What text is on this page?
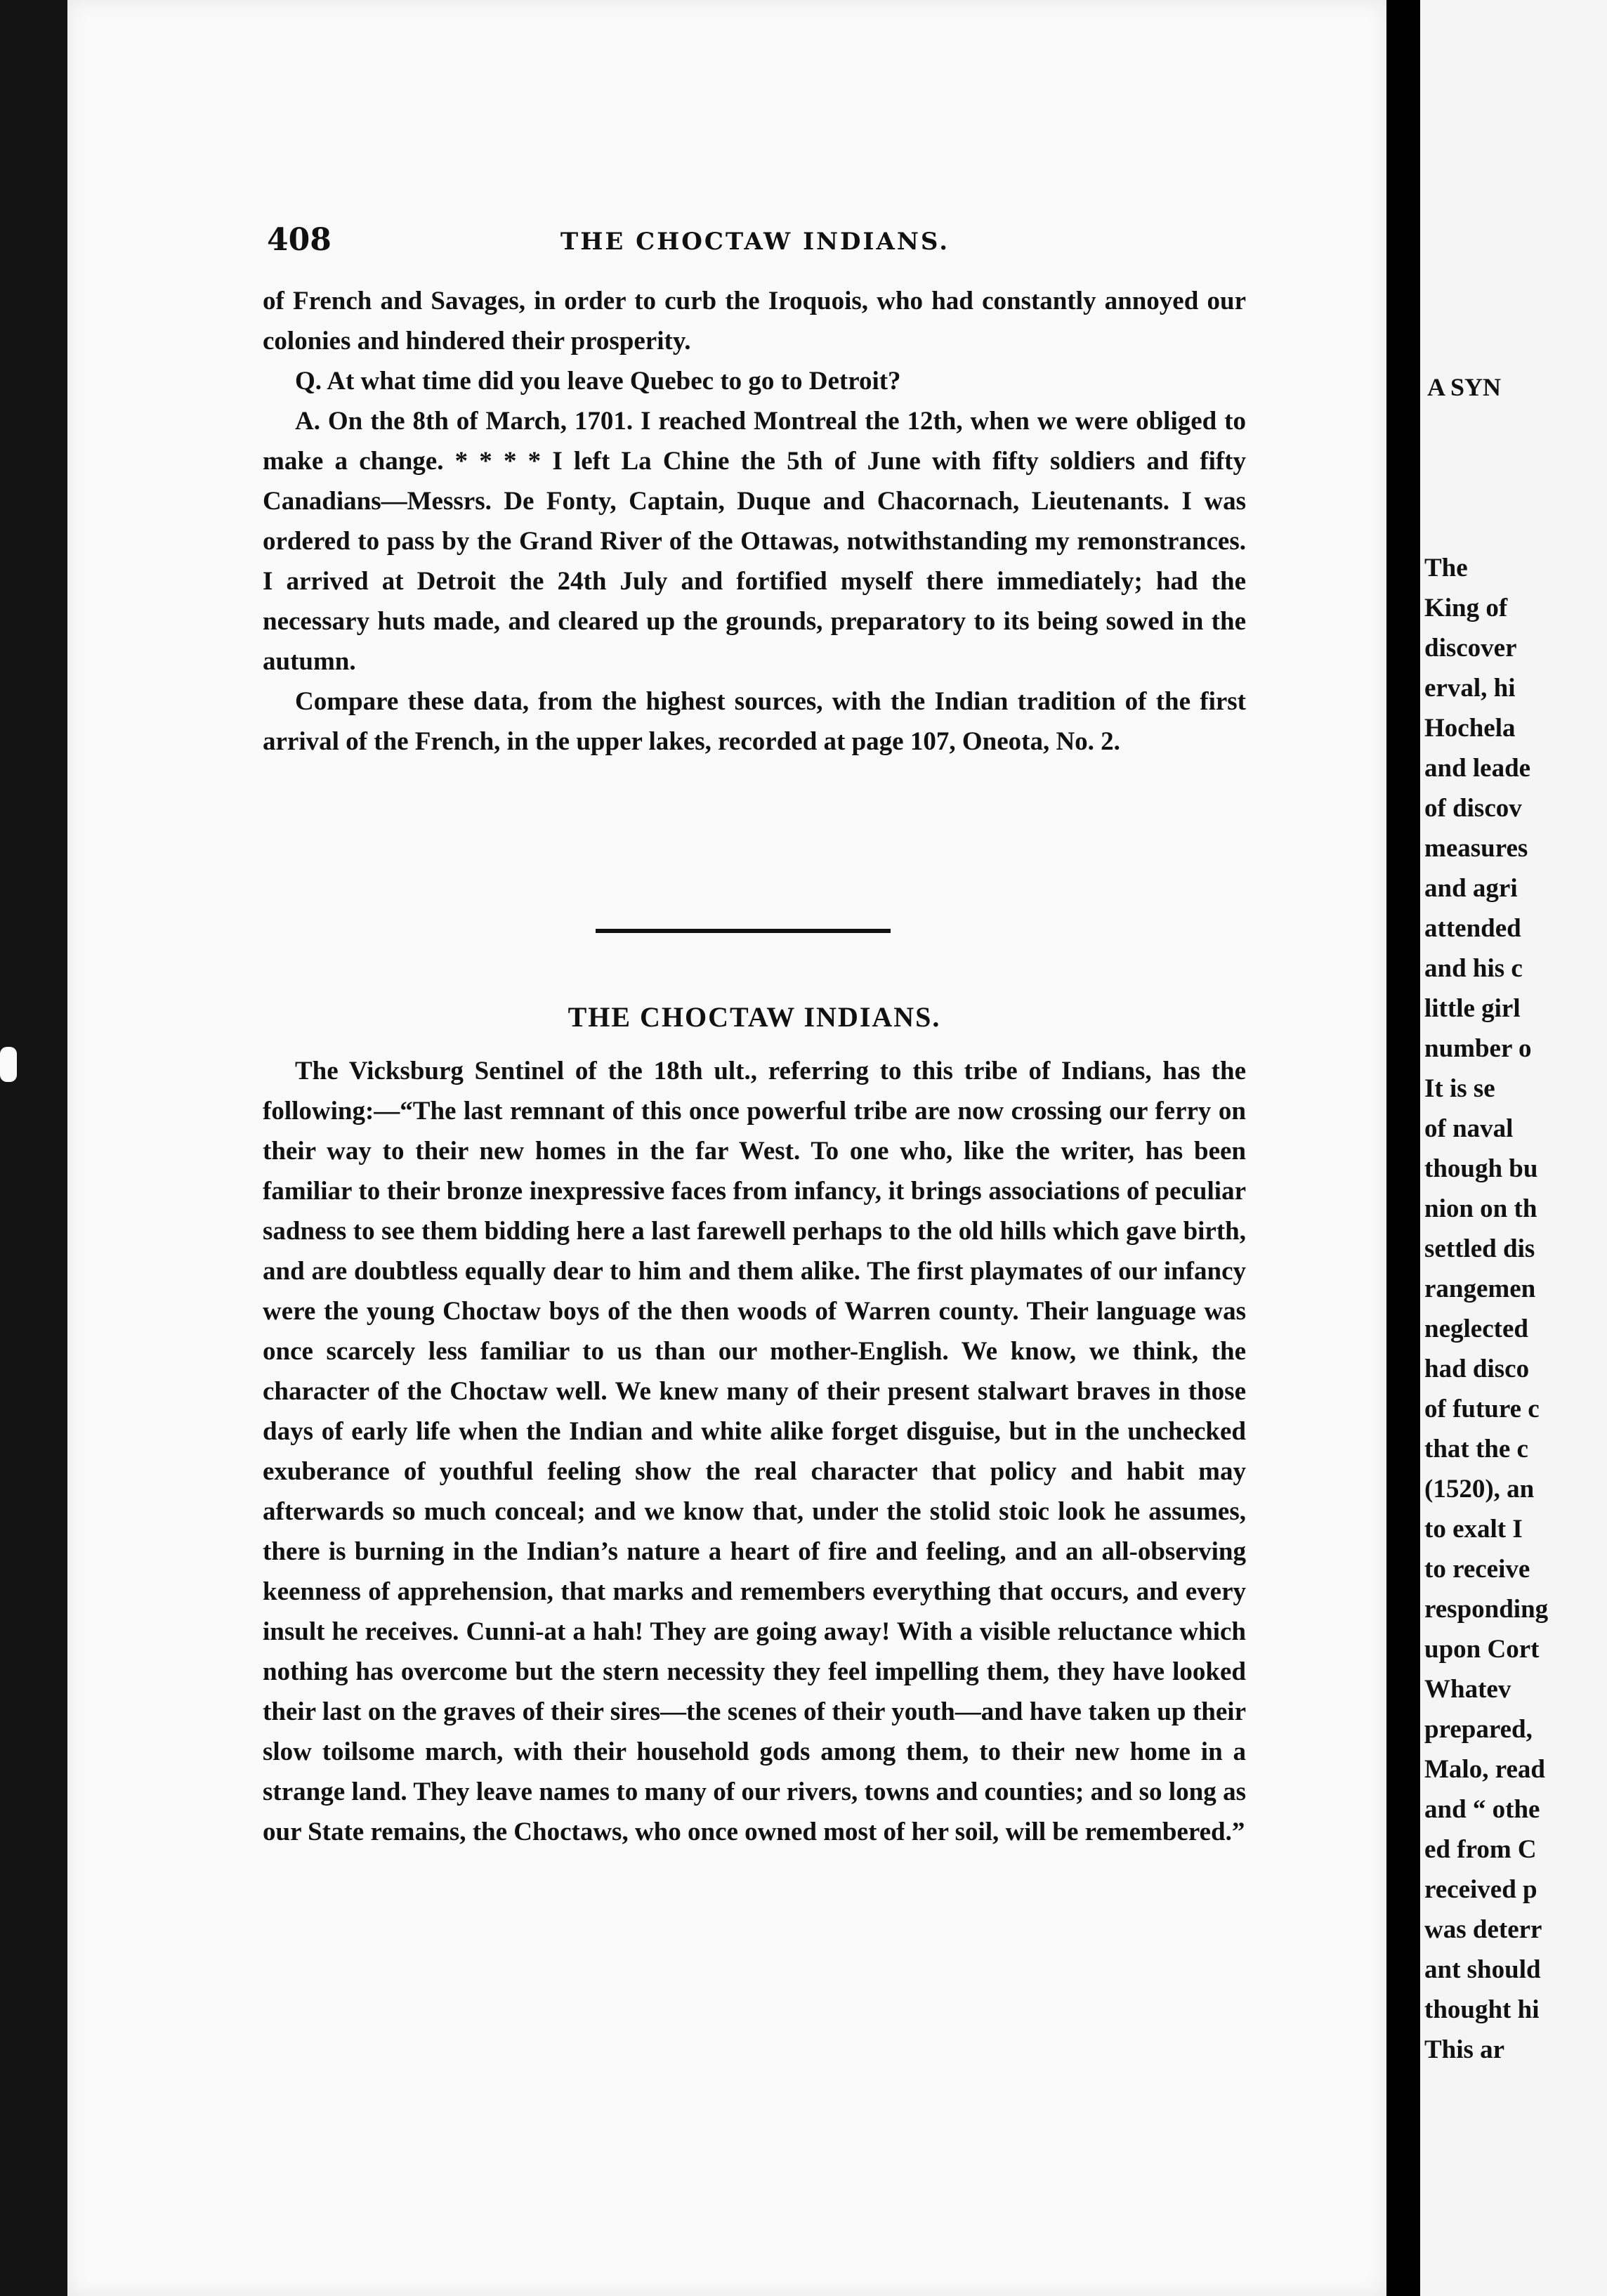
408	THE CHOCTAW INDIANS.

of French and Savages, in order to curb the Iroquois, who had constantly annoyed our colonies and hindered their prosperity.

Q. At what time did you leave Quebec to go to Detroit?

A. On the 8th of March, 1701. I reached Montreal the 12th, when we were obliged to make a change. * * * * I left La Chine the 5th of June with fifty soldiers and fifty Canadians—Messrs. De Fonty, Captain, Duque and Chacornach, Lieutenants. I was ordered to pass by the Grand River of the Ottawas, notwithstanding my remonstrances. I arrived at Detroit the 24th July and fortified myself there immediately; had the necessary huts made, and cleared up the grounds, preparatory to its being sowed in the autumn.

Compare these data, from the highest sources, with the Indian tradition of the first arrival of the French, in the upper lakes, recorded at page 107, Oneota, No. 2.

THE CHOCTAW INDIANS.

The Vicksburg Sentinel of the 18th ult., referring to this tribe of Indians, has the following:—“The last remnant of this once powerful tribe are now crossing our ferry on their way to their new homes in the far West. To one who, like the writer, has been familiar to their bronze inexpressive faces from infancy, it brings associations of peculiar sadness to see them bidding here a last farewell perhaps to the old hills which gave birth, and are doubtless equally dear to him and them alike. The first playmates of our infancy were the young Choctaw boys of the then woods of Warren county. Their language was once scarcely less familiar to us than our mother-English. We know, we think, the character of the Choctaw well. We knew many of their present stalwart braves in those days of early life when the Indian and white alike forget disguise, but in the unchecked exuberance of youthful feeling show the real character that policy and habit may afterwards so much conceal; and we know that, under the stolid stoic look he assumes, there is burning in the Indian’s nature a heart of fire and feeling, and an all-observing keenness of apprehension, that marks and remembers everything that occurs, and every insult he receives. Cunni-at a hah! They are going away! With a visible reluctance which nothing has overcome but the stern necessity they feel impelling them, they have looked their last on the graves of their sires—the scenes of their youth—and have taken up their slow toilsome march, with their household gods among them, to their new home in a strange land. They leave names to many of our rivers, towns and counties; and so long as our State remains, the Choctaws, who once owned most of her soil, will be remembered.”

A SYN
The
King of
discover
erval, hi
Hochela
and leade
of discov
measures
and agri
attended
and his c
little girl
number o
It is se
of naval
though bu
nion on th
settled dis
rangemen
neglected
had disco
of future c
that the c
(1520), an
to exalt I
to receive
responding
upon Cort
Whatev
prepared,
Malo, read
and “ othe
ed from C
received p
was deterr
ant should
thought hi
This ar
